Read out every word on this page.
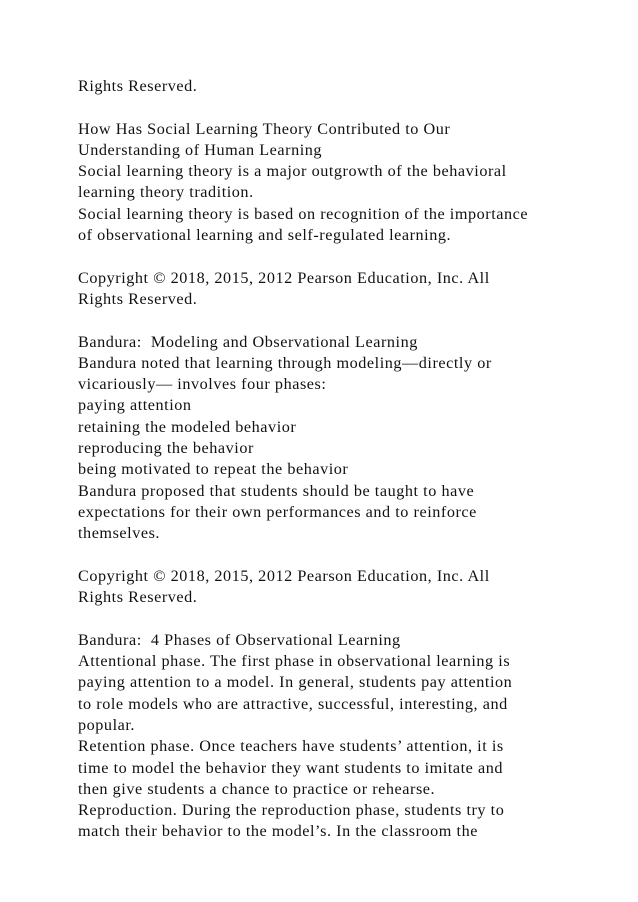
Rights Reserved.
How Has Social Learning Theory Contributed to Our
Understanding of Human Learning
Social learning theory is a major outgrowth of the behavioral
learning theory tradition.
Social learning theory is based on recognition of the importance
of observational learning and self-regulated learning.
Copyright © 2018, 2015, 2012 Pearson Education, Inc. All
Rights Reserved.
Bandura:  Modeling and Observational Learning
Bandura noted that learning through modeling—directly or
vicariously— involves four phases:
paying attention
retaining the modeled behavior
reproducing the behavior
being motivated to repeat the behavior
Bandura proposed that students should be taught to have
expectations for their own performances and to reinforce
themselves.
Copyright © 2018, 2015, 2012 Pearson Education, Inc. All
Rights Reserved.
Bandura:  4 Phases of Observational Learning
Attentional phase. The first phase in observational learning is
paying attention to a model. In general, students pay attention
to role models who are attractive, successful, interesting, and
popular.
Retention phase. Once teachers have students’ attention, it is
time to model the behavior they want students to imitate and
then give students a chance to practice or rehearse.
Reproduction. During the reproduction phase, students try to
match their behavior to the model’s. In the classroom the
